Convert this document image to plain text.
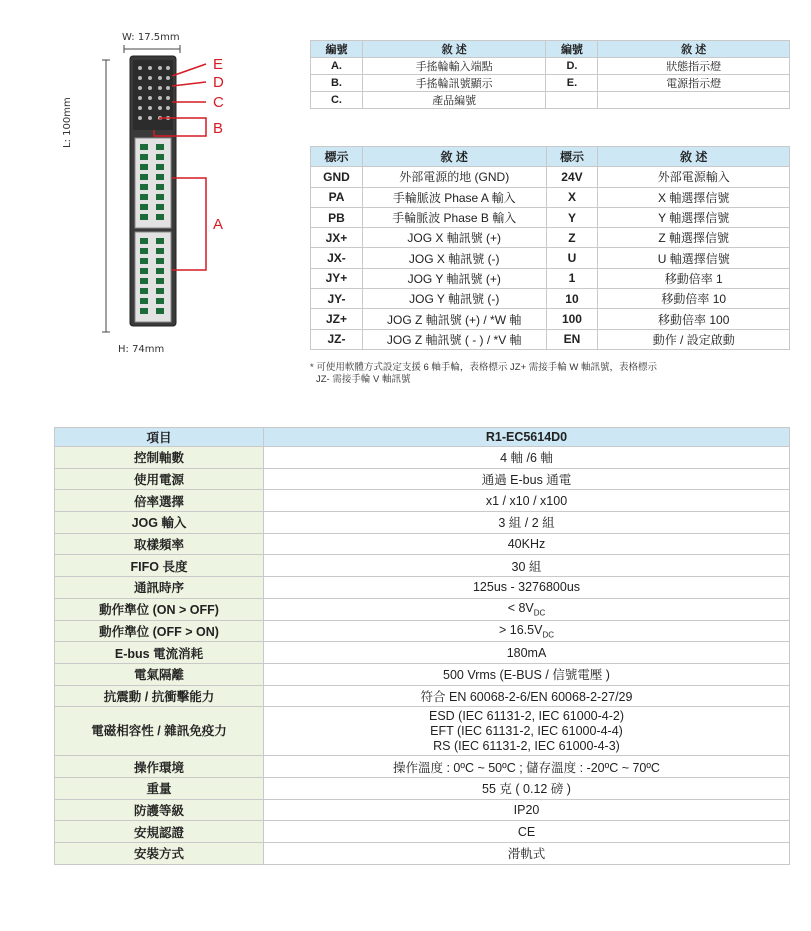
W: 17.5mm
L: 100mm
H: 74mm
E
D
C
B
A
編號	敘 述	編號	敘 述
A.	手搖輪輸入端點	D.	狀態指示燈
B.	手搖輪訊號顯示	E.	電源指示燈
C.	產品編號		
標示	敘 述	標示	敘 述
GND	外部電源的地 (GND)	24V	外部電源輸入
PA	手輪脈波 Phase A 輸入	X	X 軸選擇信號
PB	手輪脈波 Phase B 輸入	Y	Y 軸選擇信號
JX+	JOG X 軸訊號 (+)	Z	Z 軸選擇信號
JX-	JOG X 軸訊號 (-)	U	U 軸選擇信號
JY+	JOG Y 軸訊號 (+)	1	移動倍率 1
JY-	JOG Y 軸訊號 (-)	10	移動倍率 10
JZ+	JOG Z 軸訊號 (+) / *W 軸	100	移動倍率 100
JZ-	JOG Z 軸訊號 ( - ) / *V 軸	EN	動作 / 設定啟動
* 可使用軟體方式設定支援 6 軸手輪，表格標示 JZ+ 需接手輪 W 軸訊號，表格標示
JZ- 需接手輪 V 軸訊號
項目	R1-EC5614D0
控制軸數	4 軸 /6 軸
使用電源	通過 E-bus 通電
倍率選擇	x1 / x10 / x100
JOG 輸入	3 組 / 2 組
取樣頻率	40KHz
FIFO 長度	30 組
通訊時序	125us - 3276800us
動作準位 (ON > OFF)	< $8V_{DC}$
動作準位 (OFF > ON)	> $16.5V_{DC}$
E-bus 電流消耗	180mA
電氣隔離	500 Vrms (E-BUS / 信號電壓 )
抗震動 / 抗衝擊能力	符合 EN 60068-2-6/EN 60068-2-27/29
電磁相容性 / 雜訊免疫力	ESD (IEC 61131-2, IEC 61000-4-2)
EFT (IEC 61131-2, IEC 61000-4-4)
RS (IEC 61131-2, IEC 61000-4-3)

操作環境	操作溫度 : 0ºC ~ 50ºC ; 儲存溫度 : -20ºC ~ 70ºC
重量	55 克 ( 0.12 磅 )
防護等級	IP20
安規認證	CE
安裝方式	滑軌式
